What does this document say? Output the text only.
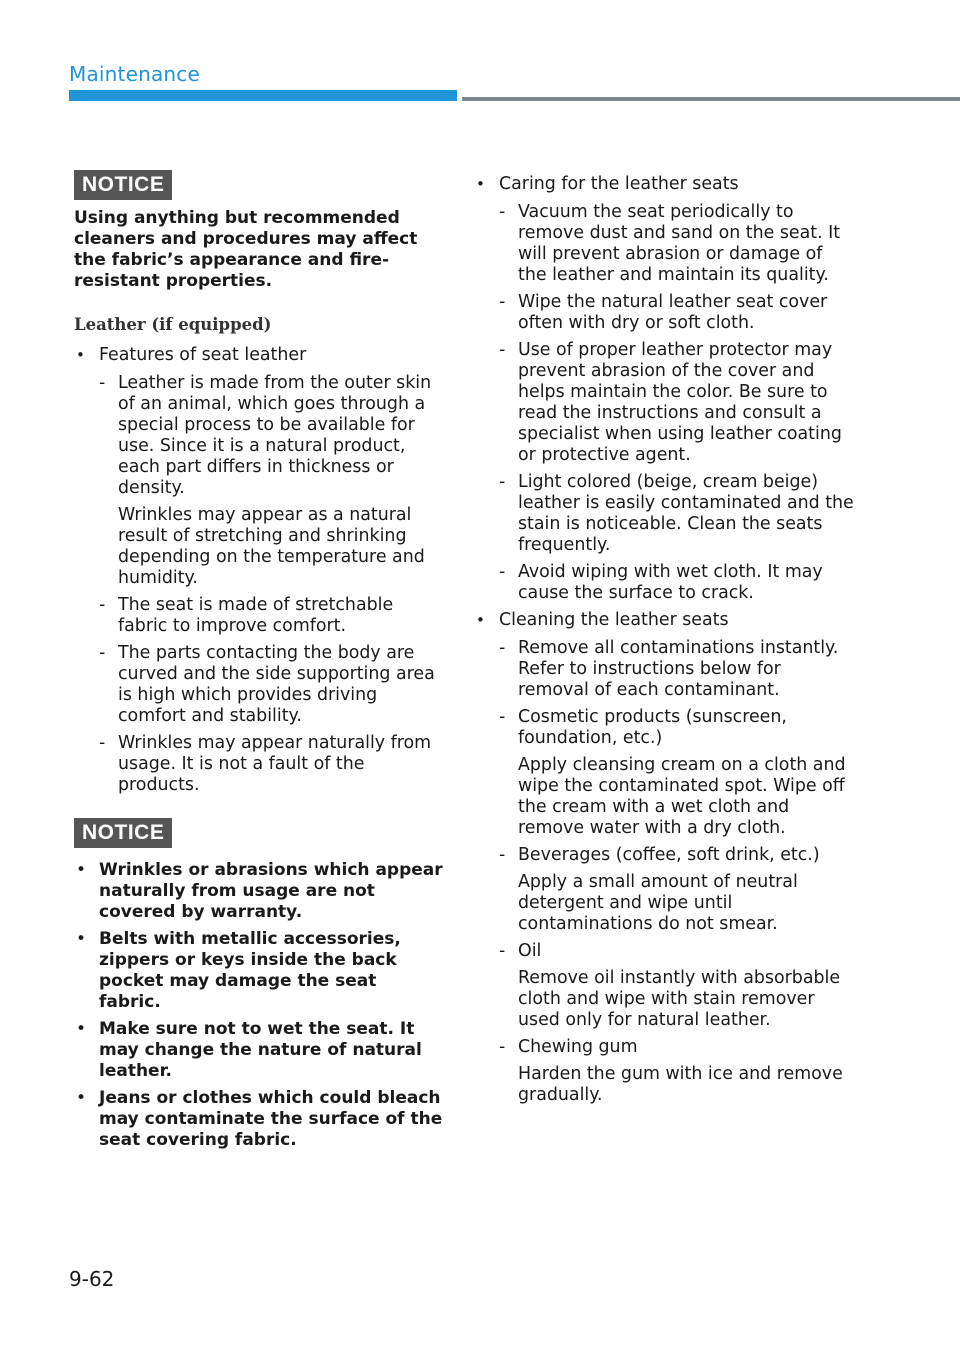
Maintenance
NOTICE

Using anything but recommended cleaners and procedures may affect the fabric’s appearance and fire-resistant properties.

Leather (if equipped)
• Features of seat leather
- Leather is made from the outer skin of an animal, which goes through a special process to be available for use. Since it is a natural product, each part differs in thickness or density.
Wrinkles may appear as a natural result of stretching and shrinking depending on the temperature and humidity.
- The seat is made of stretchable fabric to improve comfort.
- The parts contacting the body are curved and the side supporting area is high which provides driving comfort and stability.
- Wrinkles may appear naturally from usage. It is not a fault of the products.
NOTICE
• Wrinkles or abrasions which appear naturally from usage are not covered by warranty.
• Belts with metallic accessories, zippers or keys inside the back pocket may damage the seat fabric.
• Make sure not to wet the seat. It may change the nature of natural leather.
• Jeans or clothes which could bleach may contaminate the surface of the seat covering fabric.
• Caring for the leather seats
- Vacuum the seat periodically to remove dust and sand on the seat. It will prevent abrasion or damage of the leather and maintain its quality.
- Wipe the natural leather seat cover often with dry or soft cloth.
- Use of proper leather protector may prevent abrasion of the cover and helps maintain the color. Be sure to read the instructions and consult a specialist when using leather coating or protective agent.
- Light colored (beige, cream beige) leather is easily contaminated and the stain is noticeable. Clean the seats frequently.
- Avoid wiping with wet cloth. It may cause the surface to crack.
• Cleaning the leather seats
- Remove all contaminations instantly. Refer to instructions below for removal of each contaminant.
- Cosmetic products (sunscreen, foundation, etc.)
Apply cleansing cream on a cloth and wipe the contaminated spot. Wipe off the cream with a wet cloth and remove water with a dry cloth.
- Beverages (coffee, soft drink, etc.)
Apply a small amount of neutral detergent and wipe until contaminations do not smear.
- Oil
Remove oil instantly with absorbable cloth and wipe with stain remover used only for natural leather.
- Chewing gum
Harden the gum with ice and remove gradually.
9-62
